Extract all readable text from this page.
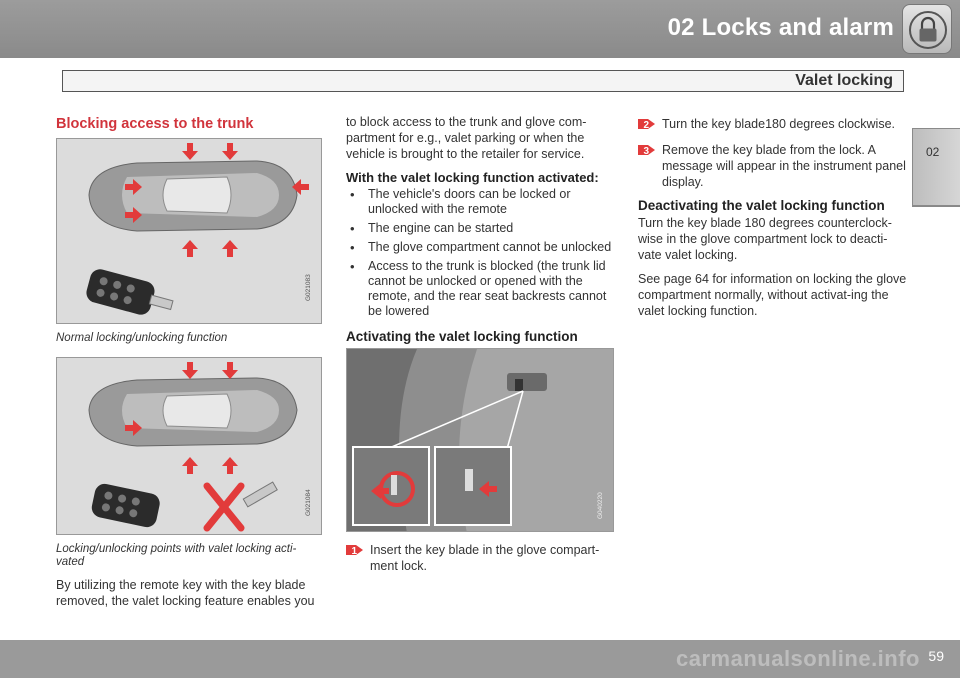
02 Locks and alarm
Valet locking
02
Blocking access to the trunk
G021083
Normal locking/unlocking function
G021084
Locking/unlocking points with valet locking acti-vated

By utilizing the remote key with the key blade removed, the valet locking feature enables you

to block access to the trunk and glove com-partment for e.g., valet parking or when the vehicle is brought to the retailer for service.

With the valet locking function activated:
• The vehicle's doors can be locked or unlocked with the remote
• The engine can be started
• The glove compartment cannot be unlocked
• Access to the trunk is blocked (the trunk lid cannot be unlocked or opened with the remote, and the rear seat backrests cannot be lowered
Activating the valet locking function
G040220
1 Insert the key blade in the glove compart-ment lock.
2 Turn the key blade180 degrees clockwise.
3 Remove the key blade from the lock. A message will appear in the instrument panel display.
Deactivating the valet locking function

Turn the key blade 180 degrees counterclock-wise in the glove compartment lock to deacti-vate valet locking.

See page 64 for information on locking the glove compartment normally, without activat-ing the valet locking function.

carmanualsonline.info 59
